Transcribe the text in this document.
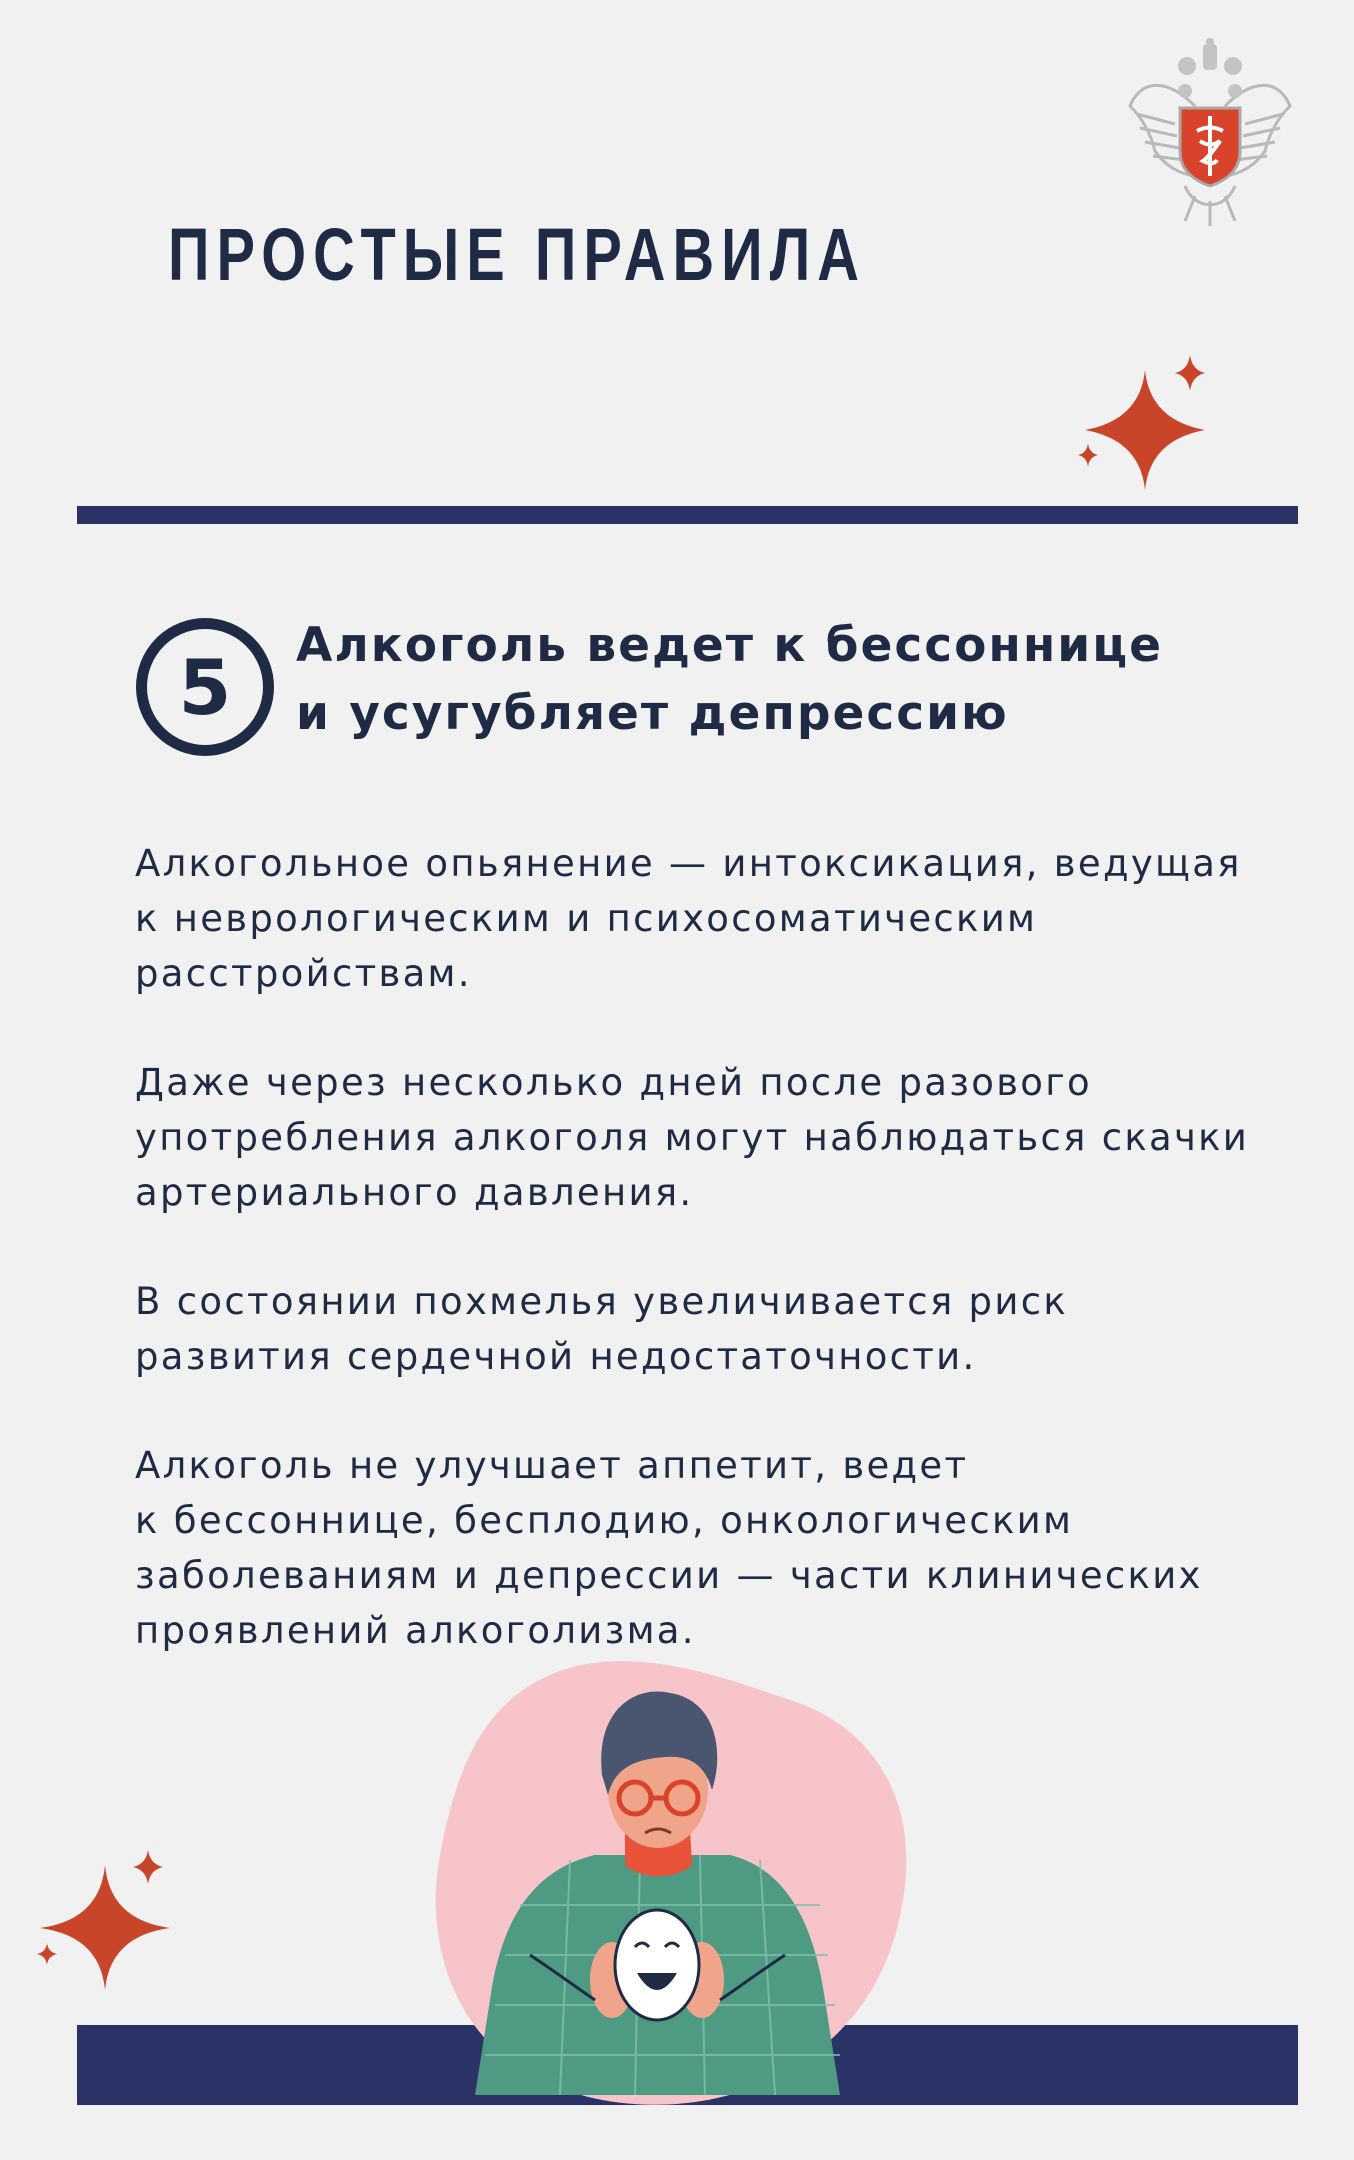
ПРОСТЫЕ ПРАВИЛА
5	Алкоголь ведет к бессоннице
и усугубляет депрессию
Алкогольное опьянение — интоксикация, ведущая
к неврологическим и психосоматическим
расстройствам.
Даже через несколько дней после разового
употребления алкоголя могут наблюдаться скачки
артериального давления.
В состоянии похмелья увеличивается риск
развития сердечной недостаточности.
Алкоголь не улучшает аппетит, ведет
к бессоннице, бесплодию, онкологическим
заболеваниям и депрессии — части клинических
проявлений алкоголизма.
